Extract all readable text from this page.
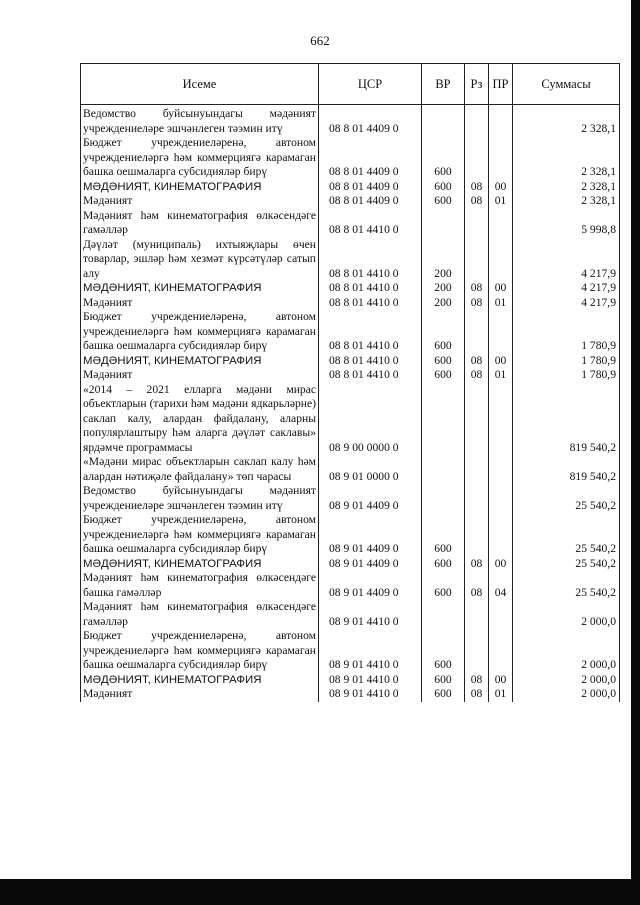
662
Исеме	ЦСР	ВР	Рз	ПР	Суммасы
Ведомство буйсынуындагы мәдәният учреждениеләре эшчәнлеген тәэмин итү	08 8 01 4409 0				2 328,1
Бюджет учреждениеләренә, автоном учреждениеләргә һәм коммерциягә карамаган башка оешмаларга субсидияләр бирү	08 8 01 4409 0	600			2 328,1
МӘДӘНИЯТ, КИНЕМАТОГРАФИЯ	08 8 01 4409 0	600	08	00	2 328,1
Мәдәният	08 8 01 4409 0	600	08	01	2 328,1
Мәдәният һәм кинематография өлкәсендәге гамәлләр	08 8 01 4410 0				5 998,8
Дәүләт (муниципаль) ихтыяҗлары өчен товарлар, эшләр һәм хезмәт күрсәтүләр сатып алу	08 8 01 4410 0	200			4 217,9
МӘДӘНИЯТ, КИНЕМАТОГРАФИЯ	08 8 01 4410 0	200	08	00	4 217,9
Мәдәният	08 8 01 4410 0	200	08	01	4 217,9
Бюджет учреждениеләренә, автоном учреждениеләргә һәм коммерциягә карамаган башка оешмаларга субсидияләр бирү	08 8 01 4410 0	600			1 780,9
МӘДӘНИЯТ, КИНЕМАТОГРАФИЯ	08 8 01 4410 0	600	08	00	1 780,9
Мәдәният	08 8 01 4410 0	600	08	01	1 780,9
«2014 – 2021 елларга мәдәни мирас объектларын (тарихи һәм мәдәни ядкарьләрне) саклап калу, алардан файдалану, аларны популярлаштыру һәм аларга дәүләт саклавы» ярдәмче программасы	08 9 00 0000 0				819 540,2
«Мәдәни мирас объектларын саклап калу һәм алардан нәтиҗәле файдалану» төп чарасы	08 9 01 0000 0				819 540,2
Ведомство буйсынуындагы мәдәният учреждениеләре эшчәнлеген тәэмин итү	08 9 01 4409 0				25 540,2
Бюджет учреждениеләренә, автоном учреждениеләргә һәм коммерциягә карамаган башка оешмаларга субсидияләр бирү	08 9 01 4409 0	600			25 540,2
МӘДӘНИЯТ, КИНЕМАТОГРАФИЯ	08 9 01 4409 0	600	08	00	25 540,2
Мәдәният һәм кинематография өлкәсендәге башка гамәлләр	08 9 01 4409 0	600	08	04	25 540,2
Мәдәният һәм кинематография өлкәсендәге гамәлләр	08 9 01 4410 0				2 000,0
Бюджет учреждениеләренә, автоном учреждениеләргә һәм коммерциягә карамаган башка оешмаларга субсидияләр бирү	08 9 01 4410 0	600			2 000,0
МӘДӘНИЯТ, КИНЕМАТОГРАФИЯ	08 9 01 4410 0	600	08	00	2 000,0
Мәдәният	08 9 01 4410 0	600	08	01	2 000,0
